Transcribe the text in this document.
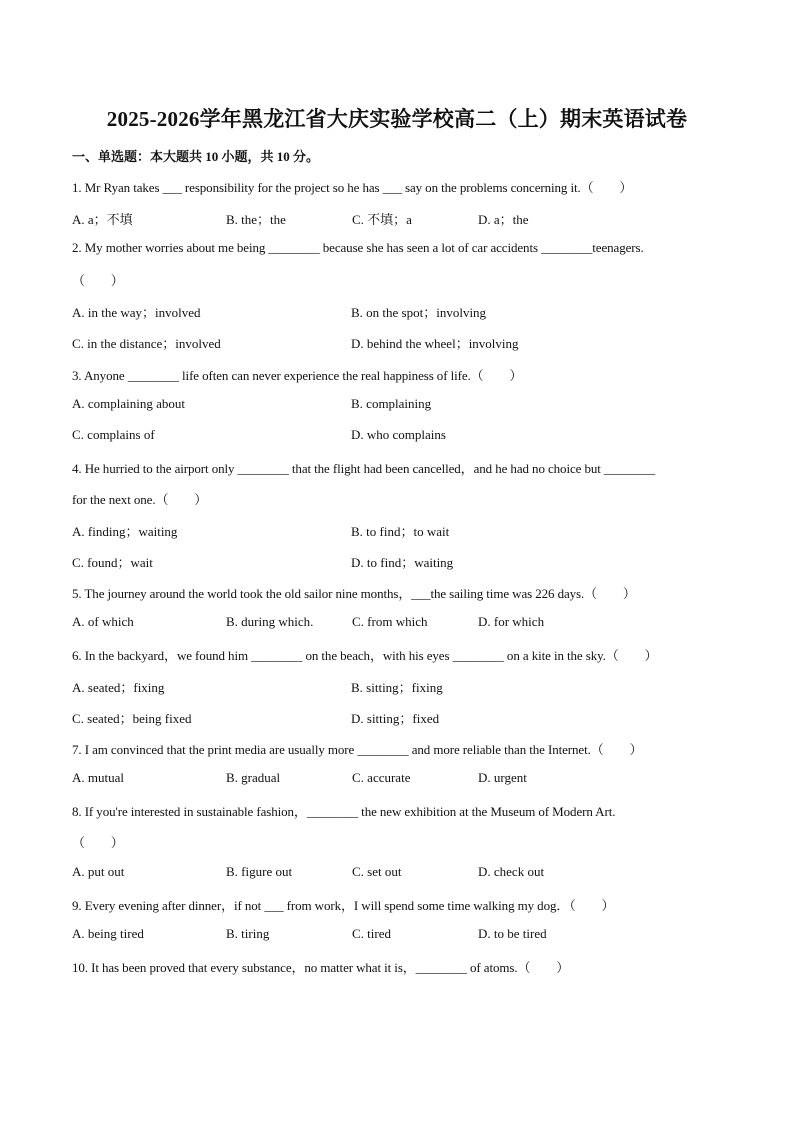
2025-2026学年黑龙江省大庆实验学校高二（上）期末英语试卷
一、单选题：本大题共 10 小题，共 10 分。
1. Mr Ryan takes ___ responsibility for the project so he has ___ say on the problems concerning it.（　　）
A. a；不填	B. the；the	C. 不填；a	D. a；the
2. My mother worries about me being ________ because she has seen a lot of car accidents ________teenagers.
（　　）
A. in the way；involved	B. on the spot；involving
C. in the distance；involved	D. behind the wheel；involving
3. Anyone ________ life often can never experience the real happiness of life.（　　）
A. complaining about	B. complaining
C. complains of	D. who complains
4. He hurried to the airport only ________ that the flight had been cancelled，and he had no choice but ________
for the next one.（　　）
A. finding；waiting	B. to find；to wait
C. found；wait	D. to find；waiting
5. The journey around the world took the old sailor nine months，___the sailing time was 226 days.（　　）
A. of which	B. during which.	C. from which	D. for which
6. In the backyard，we found him ________ on the beach，with his eyes ________ on a kite in the sky.（　　）
A. seated；fixing	B. sitting；fixing
C. seated；being fixed	D. sitting；fixed
7. I am convinced that the print media are usually more ________ and more reliable than the Internet.（　　）
A. mutual	B. gradual	C. accurate	D. urgent
8. If you're interested in sustainable fashion，________ the new exhibition at the Museum of Modern Art.
（　　）
A. put out	B. figure out	C. set out	D. check out
9. Every evening after dinner，if not ___ from work，I will spend some time walking my dog．（　　）
A. being tired	B. tiring	C. tired	D. to be tired
10. It has been proved that every substance，no matter what it is，________ of atoms.（　　）
